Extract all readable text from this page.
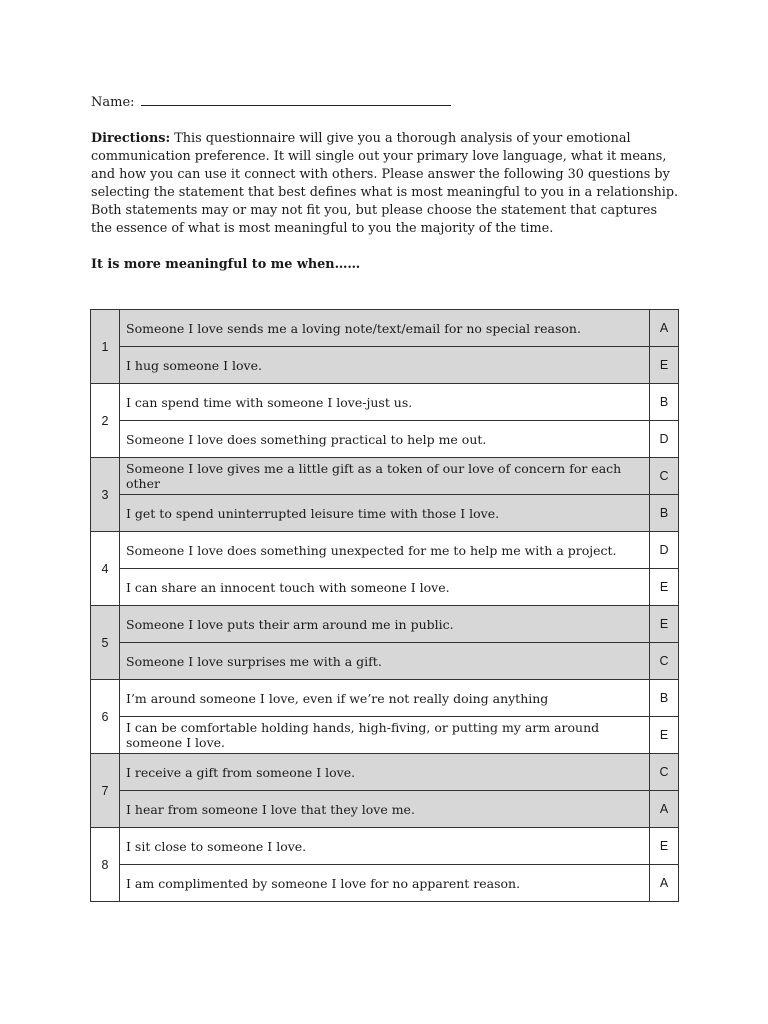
Name:
Directions: This questionnaire will give you a thorough analysis of your emotional communication preference. It will single out your primary love language, what it means, and how you can use it connect with others. Please answer the following 30 questions by selecting the statement that best defines what is most meaningful to you in a relationship. Both statements may or may not fit you, but please choose the statement that captures the essence of what is most meaningful to you the majority of the time.
It is more meaningful to me when……
1	Someone I love sends me a loving note/text/email for no special reason.	A
	I hug someone I love.	E
2	I can spend time with someone I love-just us.	B
	Someone I love does something practical to help me out.	D
3	Someone I love gives me a little gift as a token of our love of concern for each other	C
	I get to spend uninterrupted leisure time with those I love.	B
4	Someone I love does something unexpected for me to help me with a project.	D
	I can share an innocent touch with someone I love.	E
5	Someone I love puts their arm around me in public.	E
	Someone I love surprises me with a gift.	C
6	I’m around someone I love, even if we’re not really doing anything	B
	I can be comfortable holding hands, high-fiving, or putting my arm around someone I love.	E
7	I receive a gift from someone I love.	C
	I hear from someone I love that they love me.	A
8	I sit close to someone I love.	E
	I am complimented by someone I love for no apparent reason.	A
